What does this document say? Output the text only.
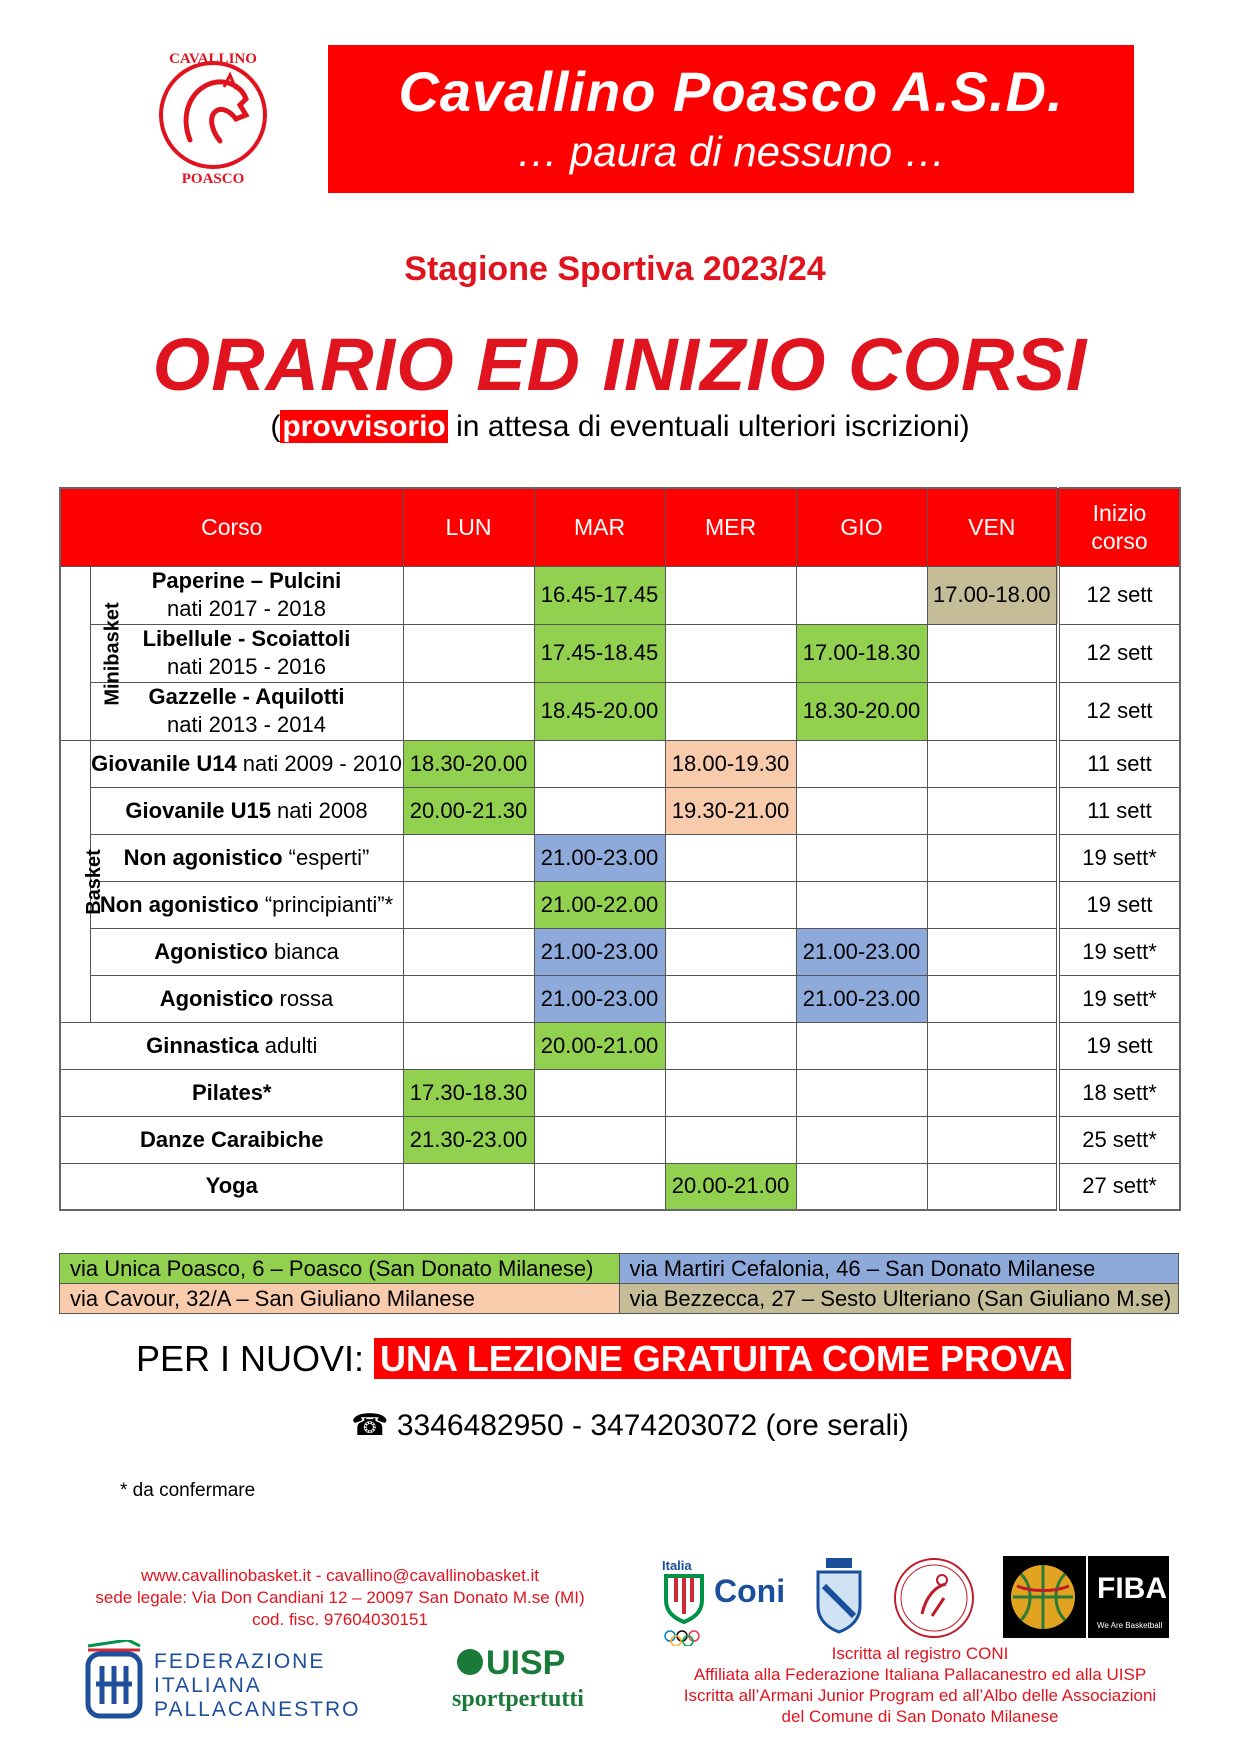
CAVALLINO
POASCO
Cavallino Poasco A.S.D.
… paura di nessuno …
Stagione Sportiva 2023/24
ORARIO ED INIZIO CORSI
(provvisorio in attesa di eventuali ulteriori iscrizioni)
Corso		LUN	MAR	MER	GIO	VEN	Inizio
corso
Minibasket	Paperine – Pulcini
nati 2017 - 2018		16.45-17.45			17.00-18.00	12 sett
	Libellule - Scoiattoli
nati 2015 - 2016		17.45-18.45		17.00-18.30		12 sett
	Gazzelle - Aquilotti
nati 2013 - 2014		18.45-20.00		18.30-20.00		12 sett
Basket	Giovanile U14 nati 2009 - 2010	18.30-20.00		18.00-19.30			11 sett
	Giovanile U15 nati 2008	20.00-21.30		19.30-21.00			11 sett
	Non agonistico “esperti”		21.00-23.00				19 sett*
	Non agonistico “principianti”*		21.00-22.00				19 sett
	Agonistico bianca		21.00-23.00		21.00-23.00		19 sett*
	Agonistico rossa		21.00-23.00		21.00-23.00		19 sett*
Ginnastica adulti			20.00-21.00				19 sett
Pilates*		17.30-18.30					18 sett*
Danze Caraibiche		21.30-23.00					25 sett*
Yoga				20.00-21.00			27 sett*
via Unica Poasco, 6 – Poasco (San Donato Milanese)	via Martiri Cefalonia, 46 – San Donato Milanese
via Cavour, 32/A – San Giuliano Milanese	via Bezzecca, 27 – Sesto Ulteriano (San Giuliano M.se)
PER I NUOVI: UNA LEZIONE GRATUITA COME PROVA
☎ 3346482950 - 3474203072 (ore serali)
* da confermare
www.cavallinobasket.it - cavallino@cavallinobasket.it
sede legale: Via Don Candiani 12 – 20097 San Donato M.se (MI)
cod. fisc. 97604030151
FEDERAZIONE
ITALIANA
PALLACANESTRO
UISP
sportpertutti
Italia
Coni	FIBA
We Are Basketball
Iscritta al registro CONI
Affiliata alla Federazione Italiana Pallacanestro ed alla UISP
Iscritta all’Armani Junior Program ed all’Albo delle Associazioni
del Comune di San Donato Milanese
